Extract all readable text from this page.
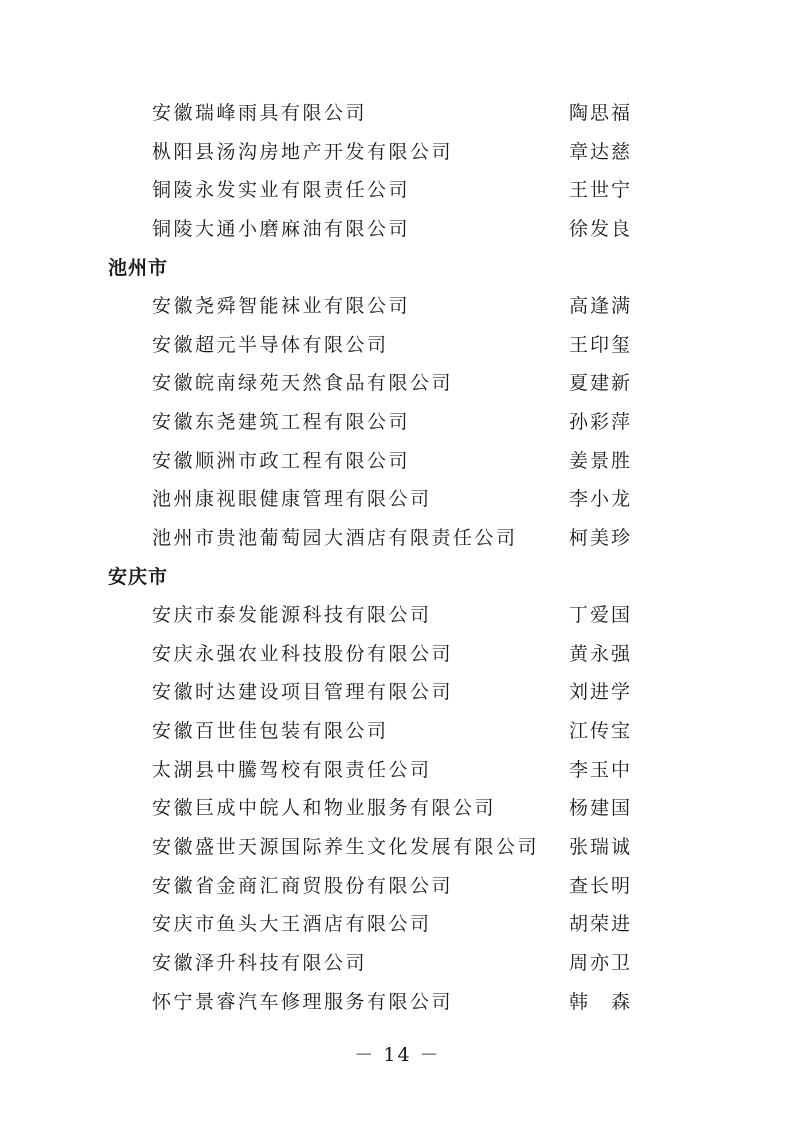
安徽瑞峰雨具有限公司	陶思福
枞阳县汤沟房地产开发有限公司	章达慈
铜陵永发实业有限责任公司	王世宁
铜陵大通小磨麻油有限公司	徐发良
池州市
安徽尧舜智能袜业有限公司	高逢满
安徽超元半导体有限公司	王印玺
安徽皖南绿苑天然食品有限公司	夏建新
安徽东尧建筑工程有限公司	孙彩萍
安徽顺洲市政工程有限公司	姜景胜
池州康视眼健康管理有限公司	李小龙
池州市贵池葡萄园大酒店有限责任公司	柯美珍
安庆市
安庆市泰发能源科技有限公司	丁爱国
安庆永强农业科技股份有限公司	黄永强
安徽时达建设项目管理有限公司	刘进学
安徽百世佳包装有限公司	江传宝
太湖县中騰驾校有限责任公司	李玉中
安徽巨成中皖人和物业服务有限公司	杨建国
安徽盛世天源国际养生文化发展有限公司 张瑞诚
安徽省金商汇商贸股份有限公司	查长明
安庆市鱼头大王酒店有限公司	胡荣进
安徽泽升科技有限公司	周亦卫
怀宁景睿汽车修理服务有限公司	韩　森
－ 14 －
